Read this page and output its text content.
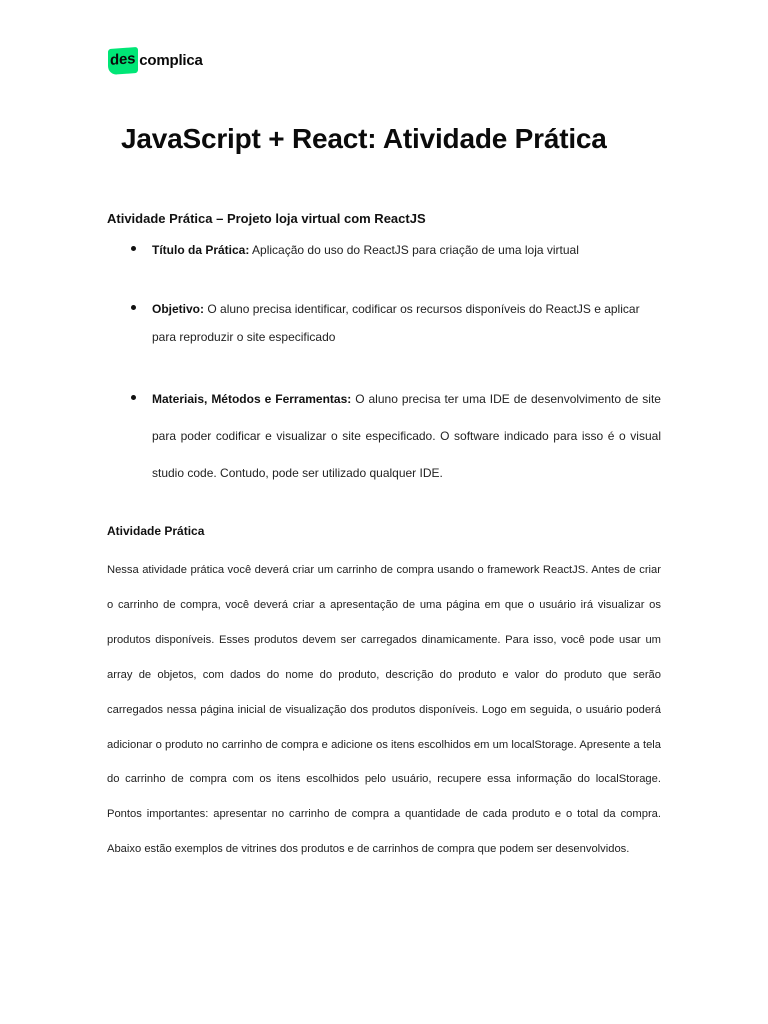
des complica
JavaScript + React: Atividade Prática
Atividade Prática – Projeto loja virtual com ReactJS
Título da Prática: Aplicação do uso do ReactJS para criação de uma loja virtual
Objetivo: O aluno precisa identificar, codificar os recursos disponíveis do ReactJS e aplicar para reproduzir o site especificado
Materiais, Métodos e Ferramentas: O aluno precisa ter uma IDE de desenvolvimento de site para poder codificar e visualizar o site especificado. O software indicado para isso é o visual studio code. Contudo, pode ser utilizado qualquer IDE.
Atividade Prática

Nessa atividade prática você deverá criar um carrinho de compra usando o framework ReactJS. Antes de criar o carrinho de compra, você deverá criar a apresentação de uma página em que o usuário irá visualizar os produtos disponíveis. Esses produtos devem ser carregados dinamicamente. Para isso, você pode usar um array de objetos, com dados do nome do produto, descrição do produto e valor do produto que serão carregados nessa página inicial de visualização dos produtos disponíveis. Logo em seguida, o usuário poderá adicionar o produto no carrinho de compra e adicione os itens escolhidos em um localStorage. Apresente a tela do carrinho de compra com os itens escolhidos pelo usuário, recupere essa informação do localStorage. Pontos importantes: apresentar no carrinho de compra a quantidade de cada produto e o total da compra. Abaixo estão exemplos de vitrines dos produtos e de carrinhos de compra que podem ser desenvolvidos.
